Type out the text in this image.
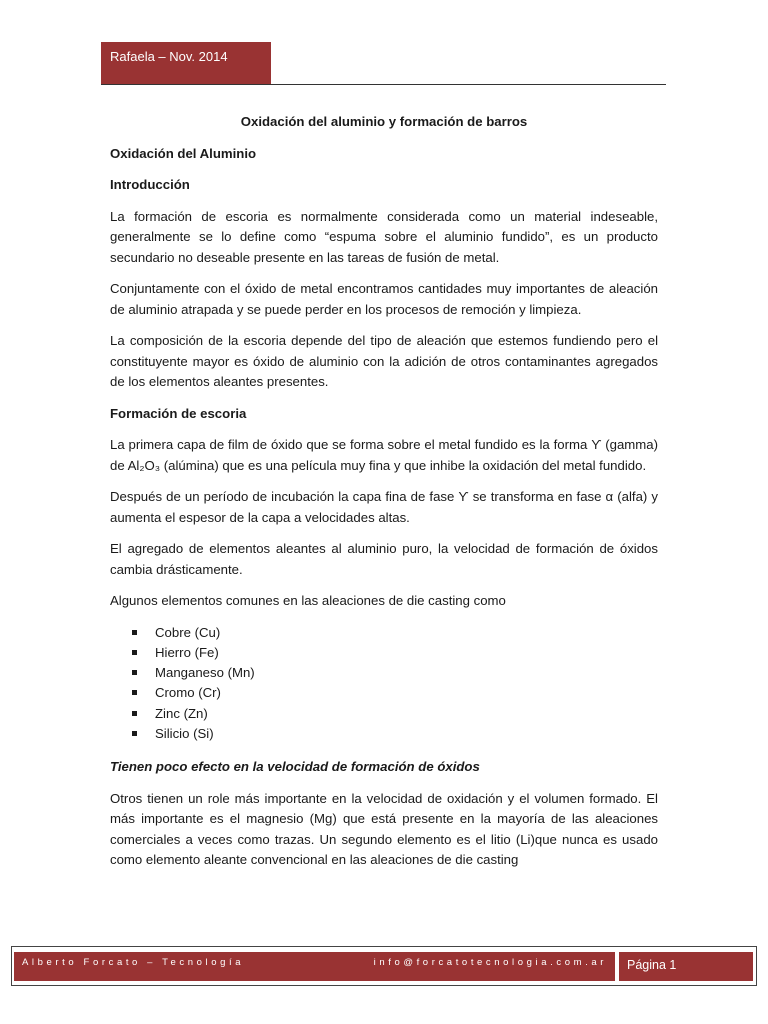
Rafaela – Nov. 2014
Oxidación del aluminio y formación de barros
Oxidación del Aluminio
Introducción
La formación de escoria es normalmente considerada como un material indeseable, generalmente se lo define como “espuma sobre el aluminio fundido”, es un producto secundario no deseable presente en las tareas de fusión de metal.
Conjuntamente con el óxido de metal encontramos cantidades muy importantes de aleación de aluminio atrapada y se puede perder en los procesos de remoción y limpieza.
La composición de la escoria depende del tipo de aleación que estemos fundiendo pero el constituyente mayor es óxido de aluminio con la adición de otros contaminantes agregados de los elementos aleantes presentes.
Formación de escoria
La primera capa de film de óxido que se forma sobre el metal fundido es la forma ϒ (gamma) de Al₂O₃ (alúmina) que es una película muy fina y que inhibe la oxidación del metal fundido.
Después de un período de incubación la capa fina de fase ϒ se transforma en fase α (alfa) y aumenta el espesor de la capa a velocidades altas.
El agregado de elementos aleantes al aluminio puro, la velocidad de formación de óxidos cambia drásticamente.
Algunos elementos comunes en las aleaciones de die casting como
Cobre (Cu)
Hierro (Fe)
Manganeso (Mn)
Cromo (Cr)
Zinc (Zn)
Silicio (Si)
Tienen poco efecto en la velocidad de formación de óxidos
Otros tienen un role más importante en la velocidad de oxidación y el volumen formado. El más importante es el magnesio (Mg) que está presente en la mayoría de las aleaciones comerciales a veces como trazas. Un segundo elemento es el litio (Li)que nunca es usado como elemento aleante convencional en las aleaciones de die casting
Alberto Forcato – Tecnología	info@forcatotecnologia.com.ar	Página 1
